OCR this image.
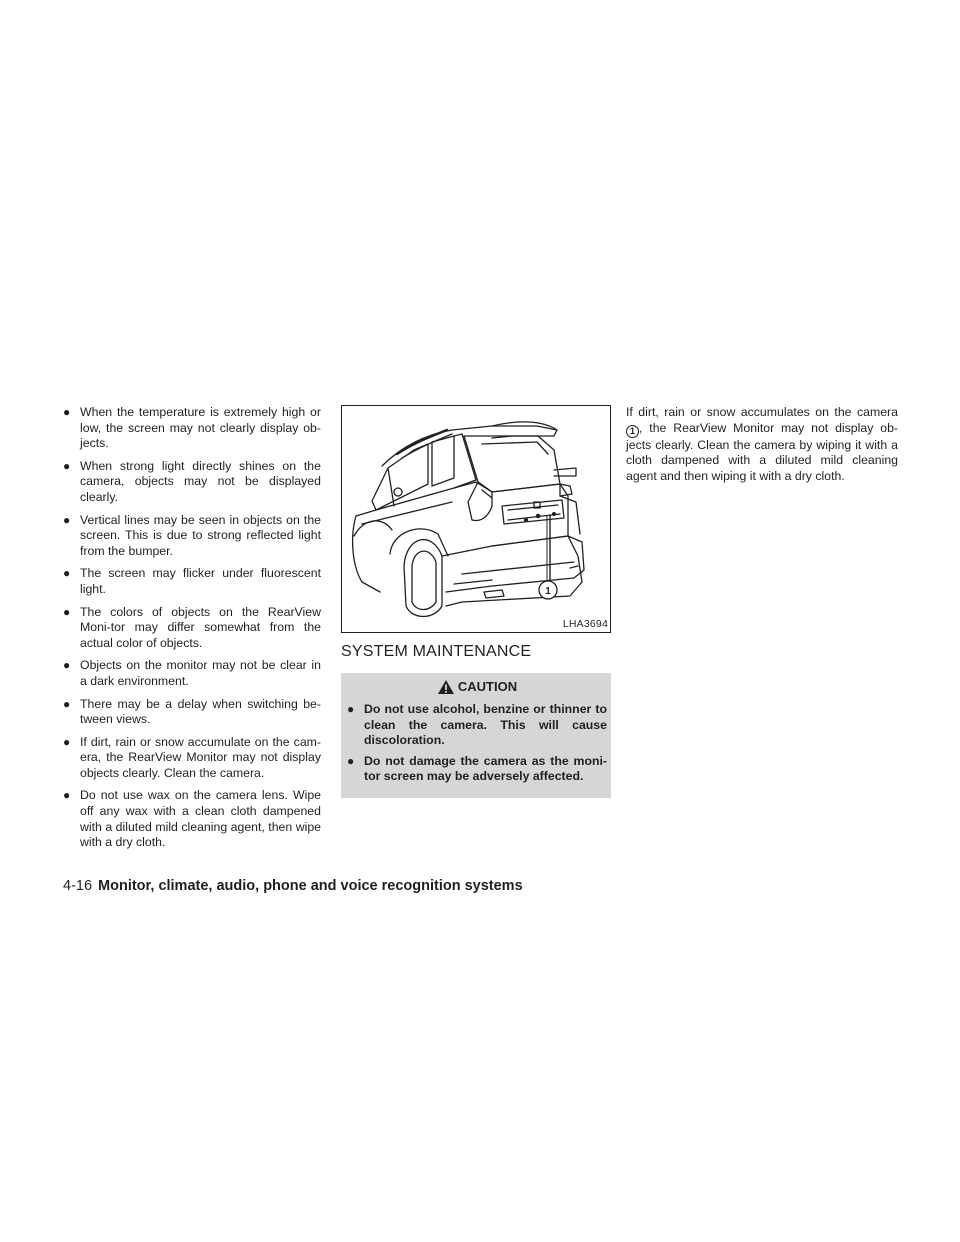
● When the temperature is extremely high or low, the screen may not clearly display ob-jects.
● When strong light directly shines on the camera, objects may not be displayed clearly.
● Vertical lines may be seen in objects on the screen. This is due to strong reflected light from the bumper.
● The screen may flicker under fluorescent light.
● The colors of objects on the RearView Moni-tor may differ somewhat from the actual color of objects.
● Objects on the monitor may not be clear in a dark environment.
● There may be a delay when switching be-tween views.
● If dirt, rain or snow accumulate on the cam-era, the RearView Monitor may not display objects clearly. Clean the camera.
● Do not use wax on the camera lens. Wipe off any wax with a clean cloth dampened with a diluted mild cleaning agent, then wipe with a dry cloth.
1
LHA3694
SYSTEM MAINTENANCE
CAUTION
● Do not use alcohol, benzine or thinner to clean the camera. This will cause discoloration.
● Do not damage the camera as the moni-tor screen may be adversely affected.

If dirt, rain or snow accumulates on the camera 1 , the RearView Monitor may not display ob-jects clearly. Clean the camera by wiping it with a cloth dampened with a diluted mild cleaning agent and then wiping it with a dry cloth.

4-16 Monitor, climate, audio, phone and voice recognition systems
